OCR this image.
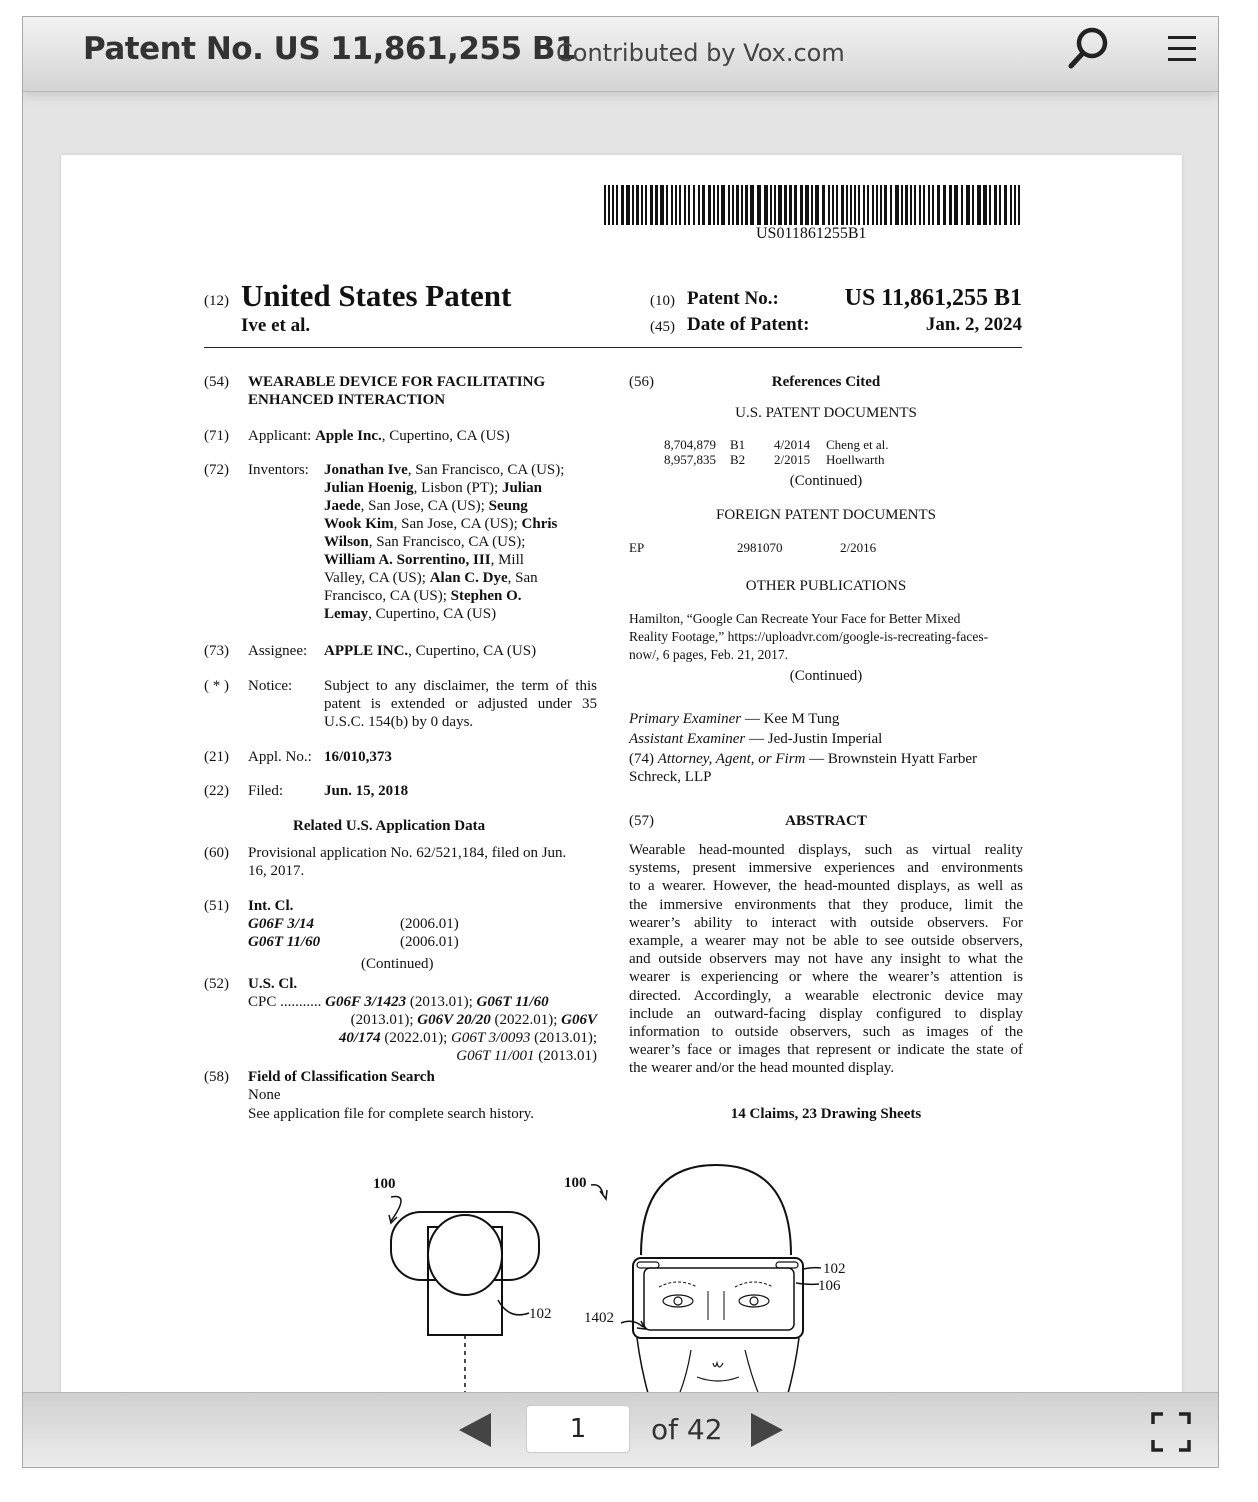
Patent No. US 11,861,255 B1
Contributed by Vox.com
US011861255B1
(12) United States Patent
Ive et al.
(10) Patent No.:	US 11,861,255 B1
(45) Date of Patent:	Jan. 2, 2024
(54) WEARABLE DEVICE FOR FACILITATING
ENHANCED INTERACTION
(71) Applicant: Apple Inc., Cupertino, CA (US)
(72) Inventors: Jonathan Ive, San Francisco, CA (US);
Julian Hoenig, Lisbon (PT); Julian
Jaede, San Jose, CA (US); Seung
Wook Kim, San Jose, CA (US); Chris
Wilson, San Francisco, CA (US);
William A. Sorrentino, III, Mill
Valley, CA (US); Alan C. Dye, San
Francisco, CA (US); Stephen O.
Lemay, Cupertino, CA (US)
(73) Assignee: APPLE INC., Cupertino, CA (US)
( * ) Notice: Subject to any disclaimer, the term of this
patent is extended or adjusted under 35
U.S.C. 154(b) by 0 days.
(21) Appl. No.: 16/010,373
(22) Filed:	Jun. 15, 2018
Related U.S. Application Data
(60) Provisional application No. 62/521,184, filed on Jun.
16, 2017.
(51) Int. Cl.
G06F 3/14	(2006.01)
G06T 11/60	(2006.01)
(Continued)
(52) U.S. Cl.
CPC ........... G06F 3/1423 (2013.01); G06T 11/60
(2013.01); G06V 20/20 (2022.01); G06V
40/174 (2022.01); G06T 3/0093 (2013.01);
G06T 11/001 (2013.01)
(58) Field of Classification Search
None
See application file for complete search history.
(56)	References Cited
U.S. PATENT DOCUMENTS
8,704,879 B1 4/2014 Cheng et al.
8,957,835 B2 2/2015 Hoellwarth
(Continued)
FOREIGN PATENT DOCUMENTS
EP	2981070	2/2016
OTHER PUBLICATIONS
Hamilton, “Google Can Recreate Your Face for Better Mixed
Reality Footage,” https://uploadvr.com/google-is-recreating-faces-
now/, 6 pages, Feb. 21, 2017.
(Continued)
Primary Examiner — Kee M Tung
Assistant Examiner — Jed-Justin Imperial
(74) Attorney, Agent, or Firm — Brownstein Hyatt Farber
Schreck, LLP
(57)	ABSTRACT
Wearable head-mounted displays, such as virtual reality
systems, present immersive experiences and environments
to a wearer. However, the head-mounted displays, as well as
the immersive environments that they produce, limit the
wearer’s ability to interact with outside observers. For
example, a wearer may not be able to see outside observers,
and outside observers may not have any insight to what the
wearer is experiencing or where the wearer’s attention is
directed. Accordingly, a wearable electronic device may
include an outward-facing display configured to display
information to outside observers, such as images of the
wearer’s face or images that represent or indicate the state of
the wearer and/or the head mounted display.
14 Claims, 23 Drawing Sheets
100	100
102
102
106
1402
1	of 42
